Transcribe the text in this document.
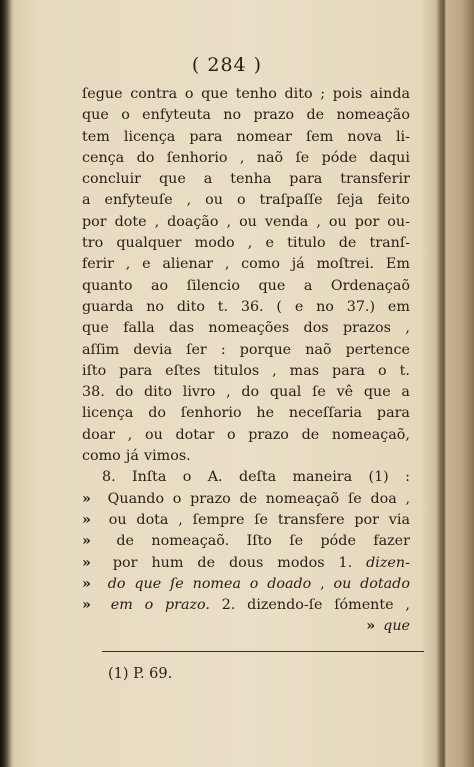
( 284 )
ſegue contra o que tenho dito ; pois ainda
que o enfyteuta no prazo de nomeação
tem licença para nomear ſem nova li-
cença do ſenhorio , naõ ſe póde daqui
concluir que a tenha para transferir
a enfyteuſe , ou o traſpaſſe ſeja feito
por dote , doação , ou venda , ou por ou-
tro qualquer modo , e titulo de tranſ-
ferir , e alienar , como já moſtrei. Em
quanto ao ſilencio que a Ordenaçaõ
guarda no dito t. 36. ( e no 37.) em
que falla das nomeações dos prazos ,
aſſim devia ſer : porque naõ pertence
iſto para eſtes titulos , mas para o t.
38. do dito livro , do qual ſe vê que a
licença do ſenhorio he neceſſaria para
doar , ou dotar o prazo de nomeaçaõ,
como já vimos.
8. Inſta o A. deſta maneira (1) :
» Quando o prazo de nomeaçaõ ſe doa ,
» ou dota , ſempre ſe transfere por via
» de nomeaçaõ. Iſto ſe póde fazer
» por hum de dous modos 1. dizen-
» do que ſe nomea o doado , ou dotado
» em o prazo. 2. dizendo-ſe ſómente ,
» que
(1) P. 69.
